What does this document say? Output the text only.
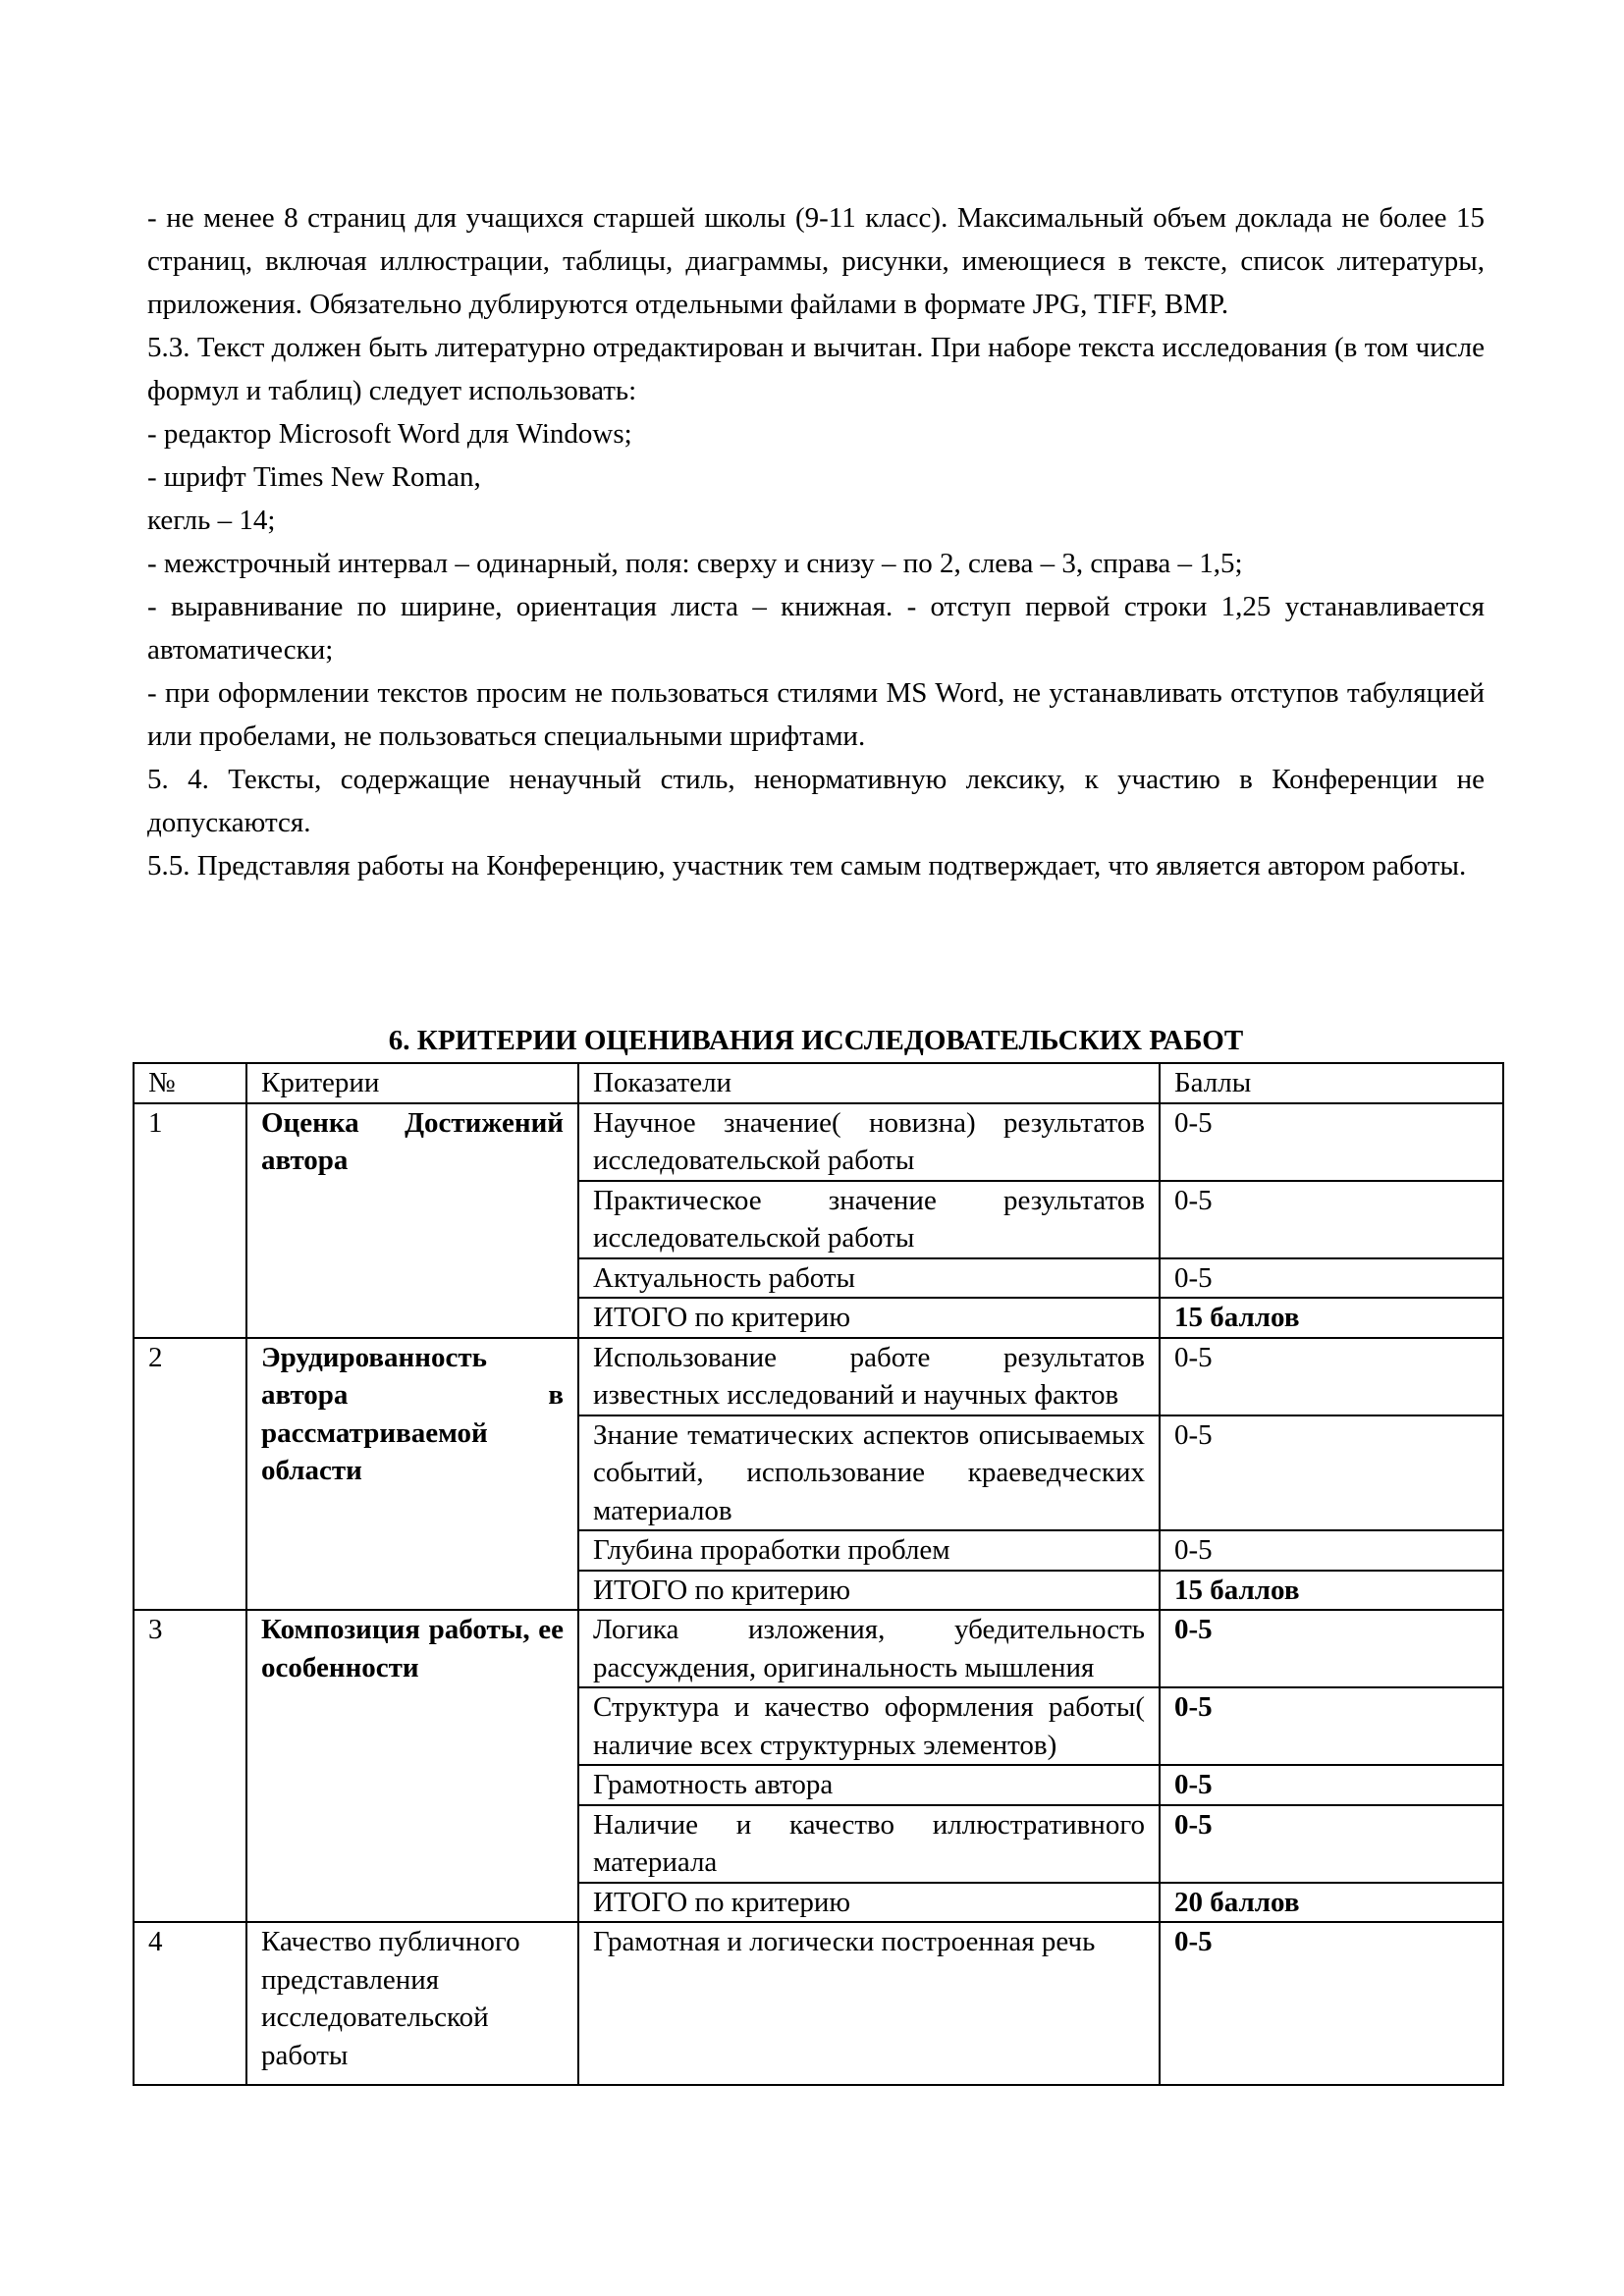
- не менее 8 страниц для учащихся старшей школы (9-11 класс). Максимальный объем доклада не более 15 страниц, включая иллюстрации, таблицы, диаграммы, рисунки, имеющиеся в тексте, список литературы, приложения. Обязательно дублируются отдельными файлами в формате JPG, TIFF, BMP.

5.3. Текст должен быть литературно отредактирован и вычитан. При наборе текста исследования (в том числе формул и таблиц) следует использовать:

- редактор Microsoft Word для Windows;

- шрифт Times New Roman,

кегль – 14;

- межстрочный интервал – одинарный, поля: сверху и снизу – по 2, слева – 3, справа – 1,5;

- выравнивание по ширине, ориентация листа – книжная. - отступ первой строки 1,25 устанавливается автоматически;

- при оформлении текстов просим не пользоваться стилями MS Word, не устанавливать отступов табуляцией или пробелами, не пользоваться специальными шрифтами.

5. 4. Тексты, содержащие ненаучный стиль, ненормативную лексику, к участию в Конференции не допускаются.

5.5. Представляя работы на Конференцию, участник тем самым подтверждает, что является автором работы.

6. КРИТЕРИИ ОЦЕНИВАНИЯ ИССЛЕДОВАТЕЛЬСКИХ РАБОТ

№	Критерии	Показатели	Баллы
1	Оценка Достижений автора	Научное значение( новизна) результатов исследовательской работы	0-5

		Практическое значение результатов исследовательской работы	0-5

		Актуальность работы	0-5

		ИТОГО по критерию	15 баллов
2	Эрудированность автора в рассматриваемой области	Использование работе результатов известных исследований и научных фактов	0-5

		Знание тематических аспектов описываемых событий, использование краеведческих материалов	0-5

		Глубина проработки проблем	0-5

		ИТОГО по критерию	15 баллов
3	Композиция работы, ее особенности	Логика изложения, убедительность рассуждения, оригинальность мышления	0-5

		Структура и качество оформления работы( наличие всех структурных элементов)	0-5

		Грамотность автора	0-5

		Наличие и качество иллюстративного материала	0-5

		ИТОГО по критерию	20 баллов
4	Качество публичного представления исследовательской работы	Грамотная и логически построенная речь	0-5
